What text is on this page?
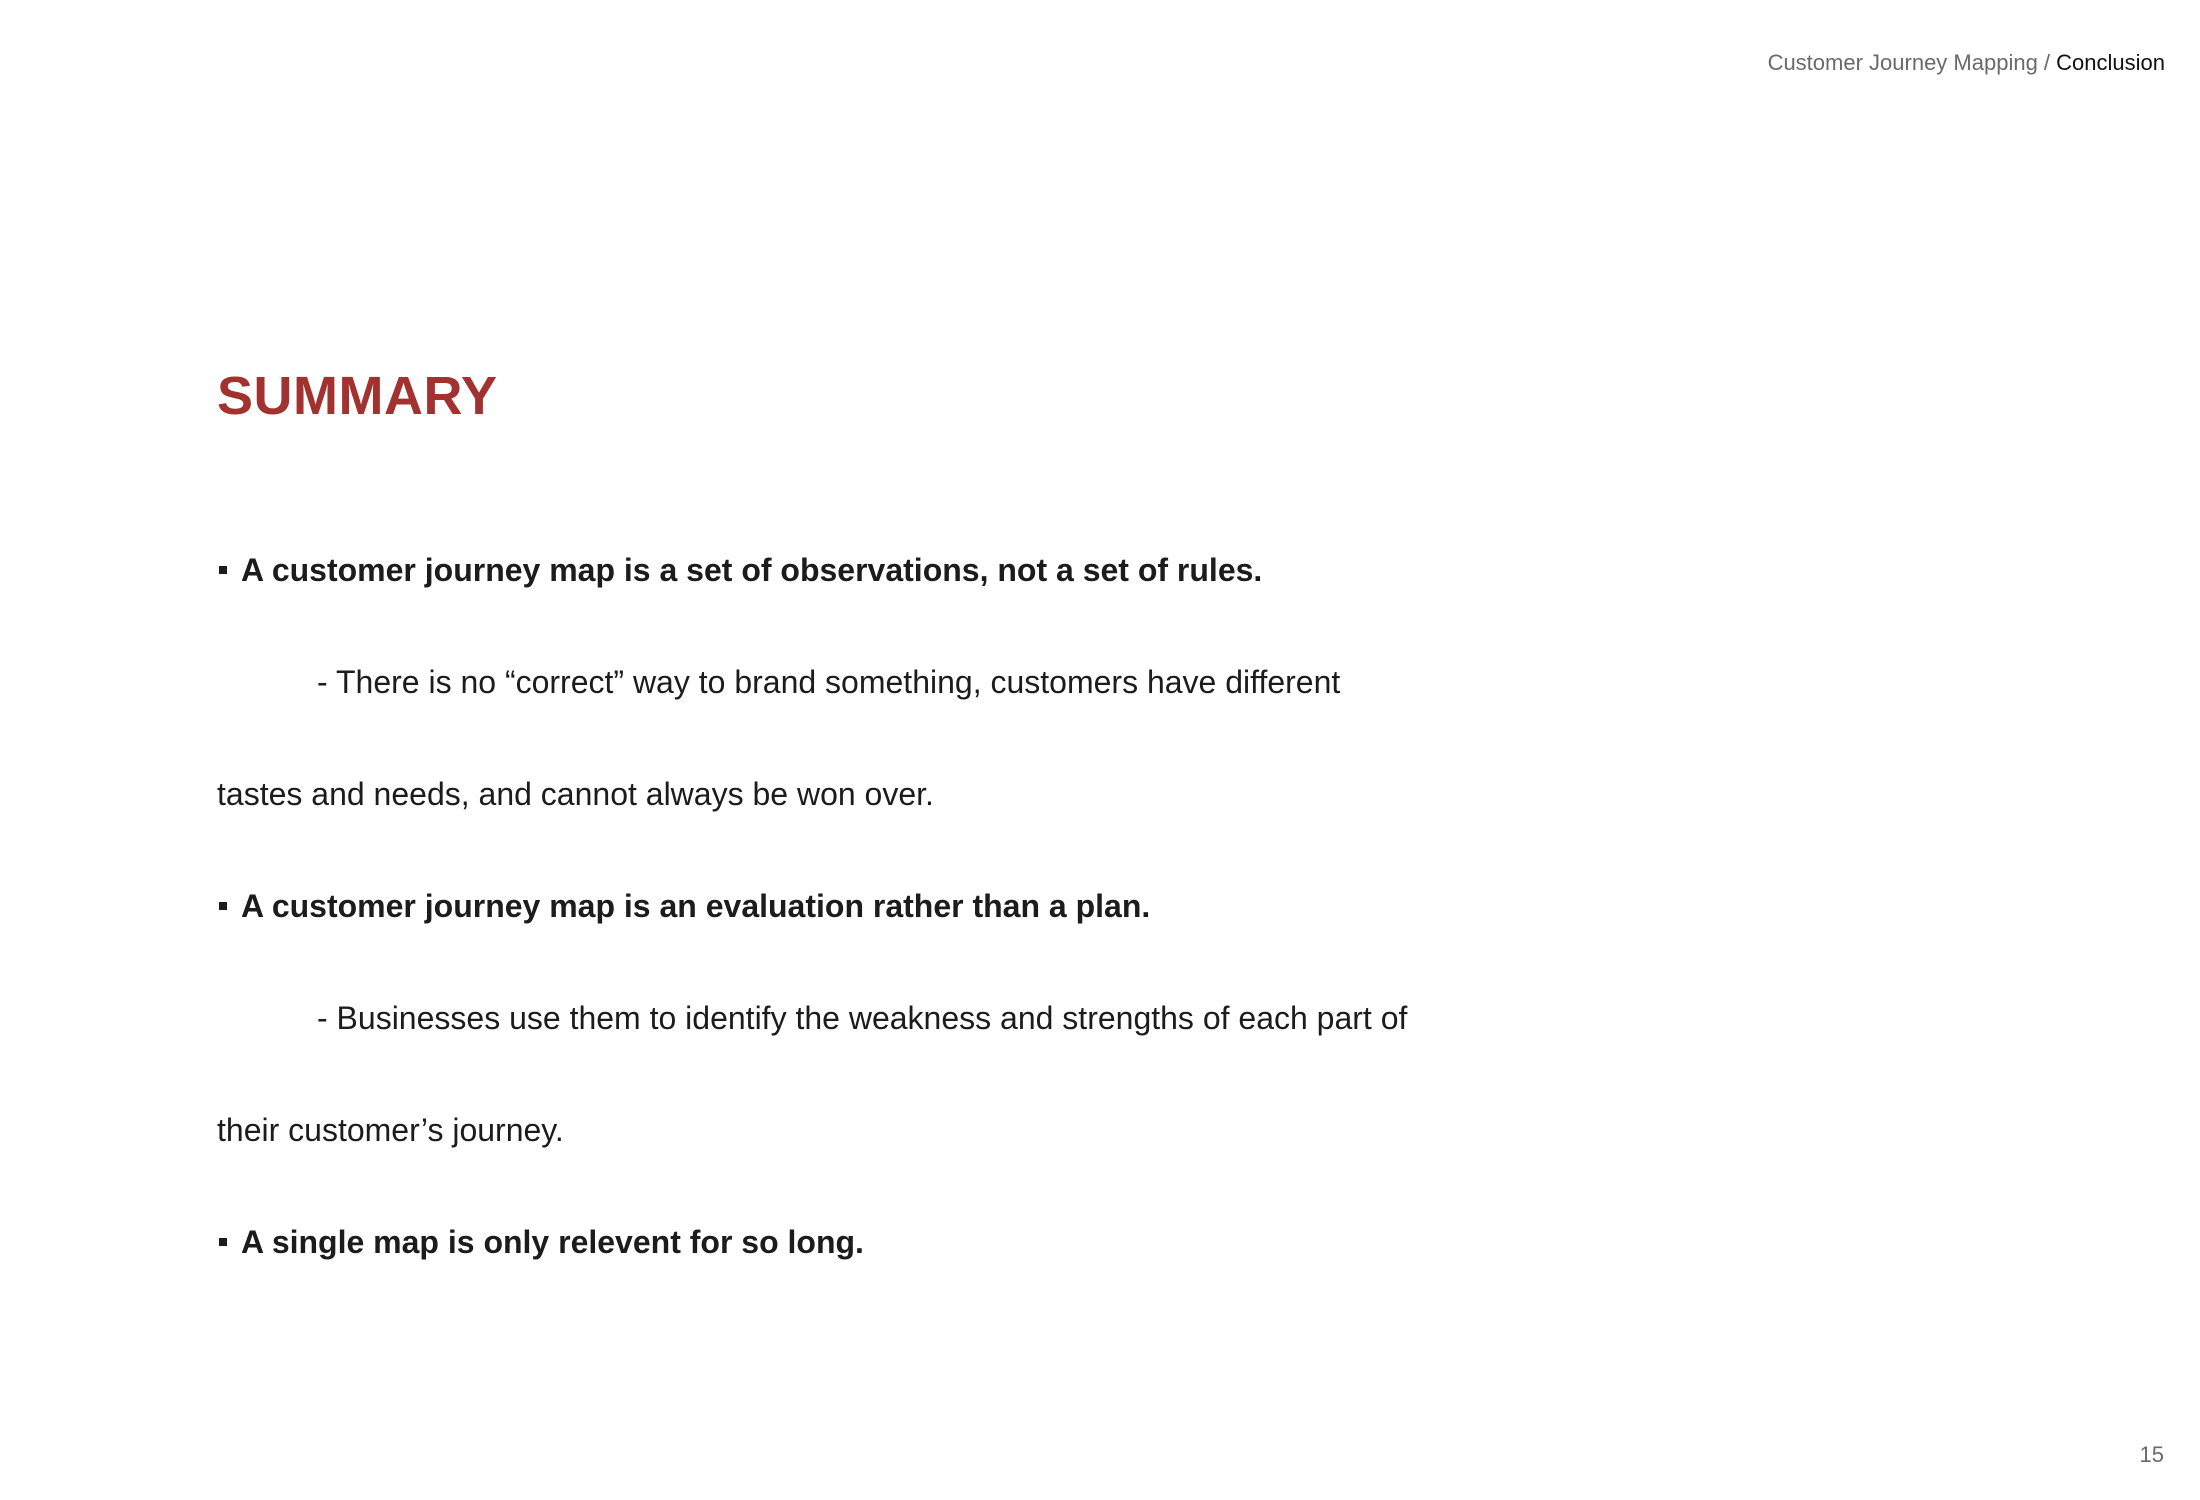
Customer Journey Mapping / Conclusion
SUMMARY
A customer journey map is a set of observations, not a set of rules.
- There is no “correct” way to brand something, customers have different
tastes and needs, and cannot always be won over.
A customer journey map is an evaluation rather than a plan.
- Businesses use them to identify the weakness and strengths of each part of
their customer’s journey.
A single map is only relevent for so long.
15
